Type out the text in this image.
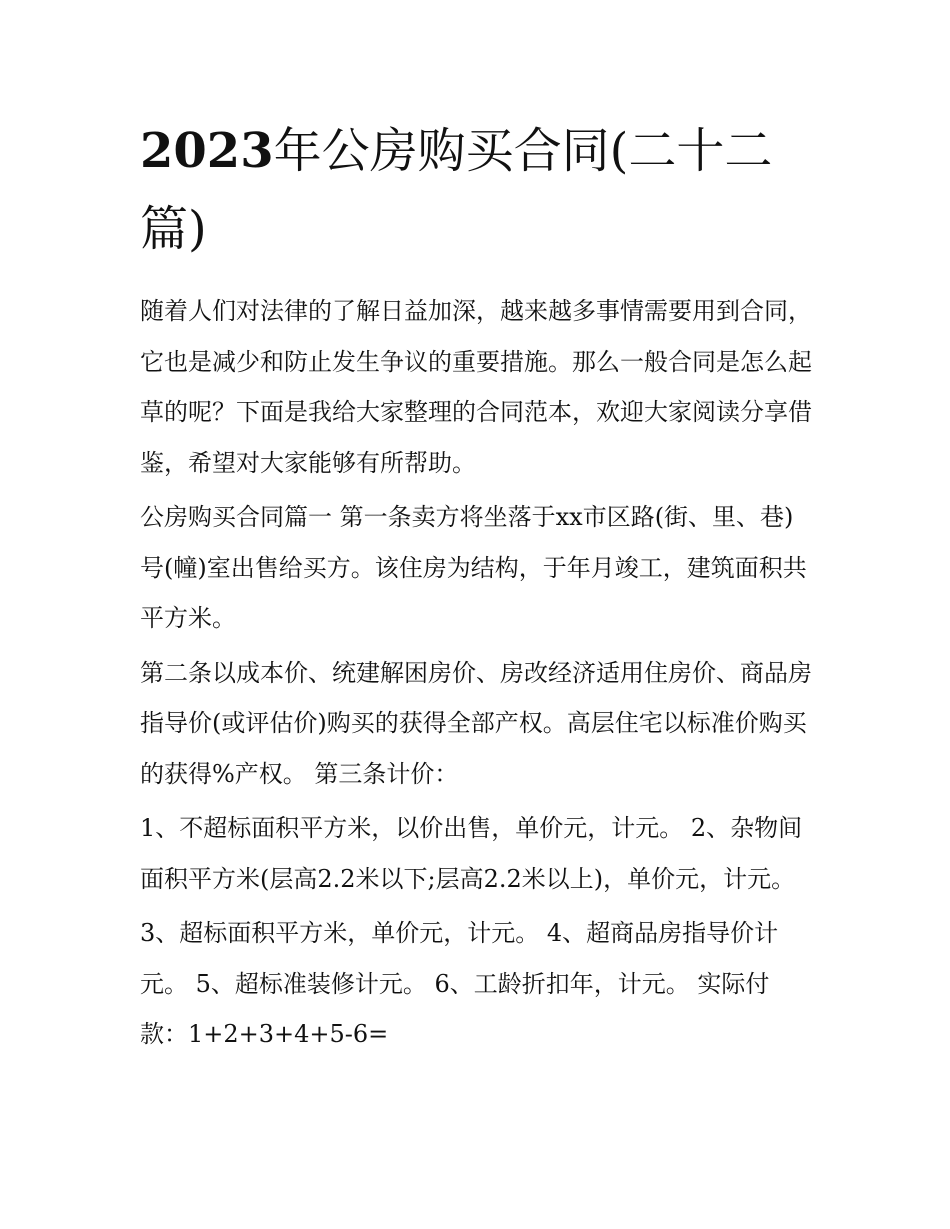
2023年公房购买合同(二十二篇)

随着人们对法律的了解日益加深，越来越多事情需要用到合同，它也是减少和防止发生争议的重要措施。那么一般合同是怎么起草的呢？下面是我给大家整理的合同范本，欢迎大家阅读分享借鉴，希望对大家能够有所帮助。

公房购买合同篇一 第一条卖方将坐落于xx市区路(街、里、巷)号(幢)室出售给买方。该住房为结构，于年月竣工，建筑面积共平方米。

第二条以成本价、统建解困房价、房改经济适用住房价、商品房指导价(或评估价)购买的获得全部产权。高层住宅以标准价购买的获得%产权。 第三条计价：

1、不超标面积平方米，以价出售，单价元，计元。 2、杂物间面积平方米(层高2.2米以下;层高2.2米以上)，单价元，计元。

3、超标面积平方米，单价元，计元。 4、超商品房指导价计元。 5、超标准装修计元。 6、工龄折扣年，计元。 实际付款：1+2+3+4+5-6=
